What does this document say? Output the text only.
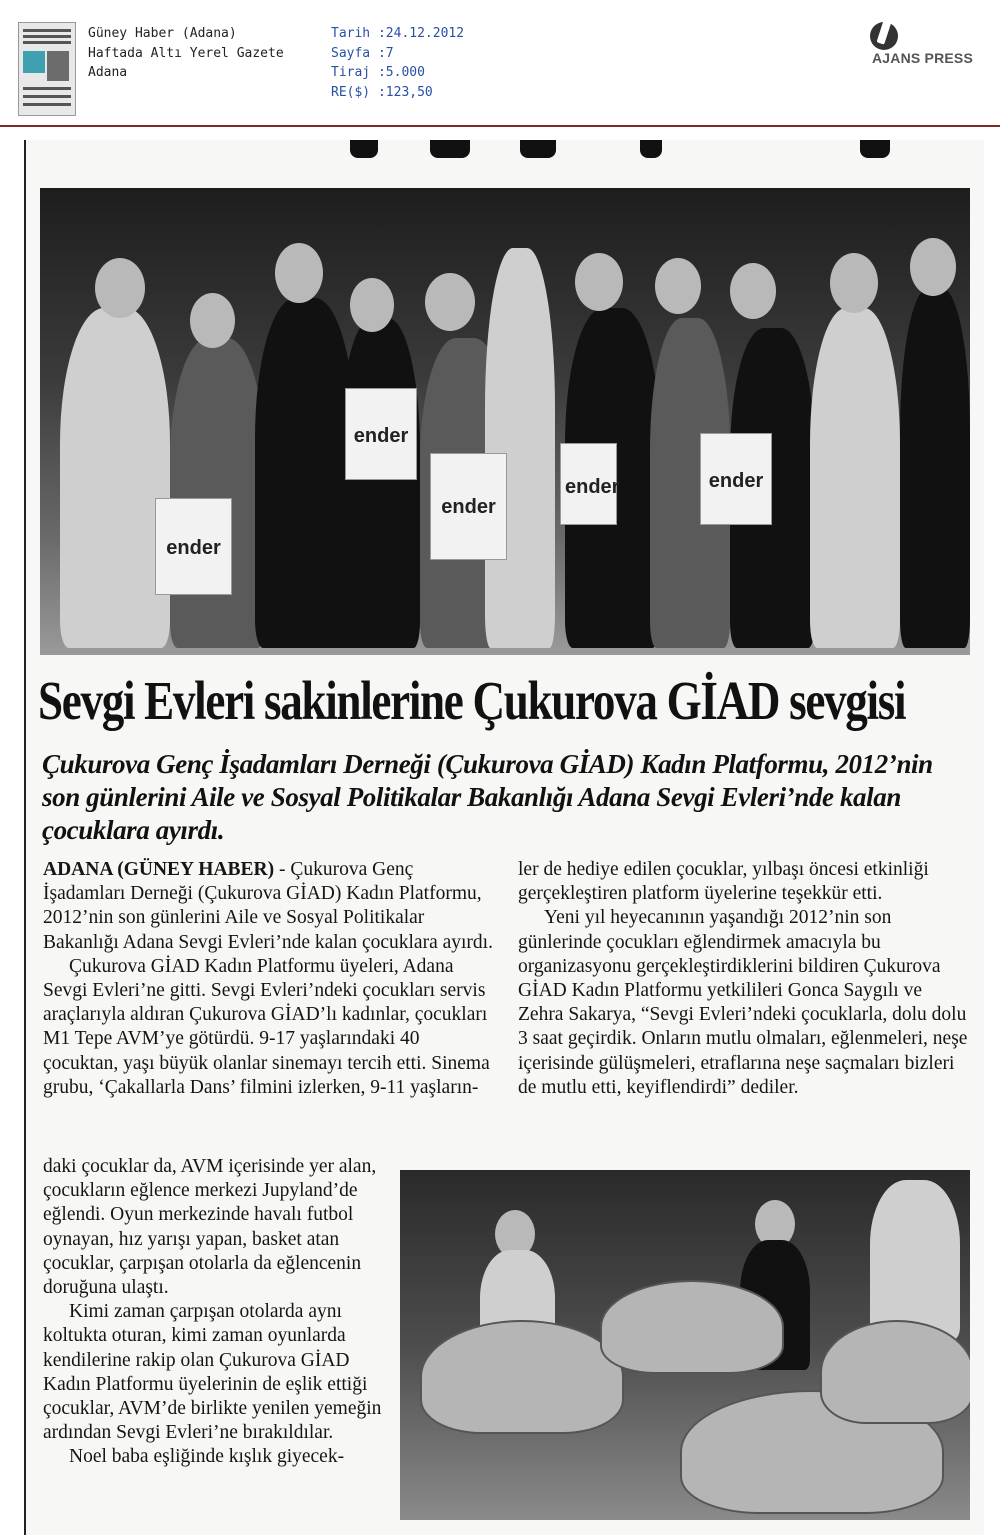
Güney Haber (Adana)
Haftada Altı Yerel Gazete
Adana
Tarih :24.12.2012
Sayfa :7
Tiraj :5.000
RE($) :123,50
AJANS PRESS
ender
ender
ender
ender
ender
Sevgi Evleri sakinlerine Çukurova GİAD sevgisi
Çukurova Genç İşadamları Derneği (Çukurova GİAD) Kadın Platformu, 2012’nin son günlerini Aile ve Sosyal Politikalar Bakanlığı Adana Sevgi Evleri’nde kalan çocuklara ayırdı.

ADANA (GÜNEY HABER) - Çukurova Genç İşadamları Derneği (Çukurova GİAD) Kadın Platformu, 2012’nin son günlerini Aile ve Sosyal Politikalar Bakanlığı Adana Sevgi Evleri’nde kalan çocuklara ayırdı.

Çukurova GİAD Kadın Platformu üyeleri, Adana Sevgi Evleri’ne gitti. Sevgi Evleri’ndeki çocukları servis araçlarıyla aldıran Çukurova GİAD’lı kadınlar, çocukları M1 Tepe AVM’ye götürdü. 9-17 yaşlarındaki 40 çocuktan, yaşı büyük olanlar sinemayı tercih etti. Sinema grubu, ‘Çakallarla Dans’ filmini izlerken, 9-11 yaşların-

daki çocuklar da, AVM içerisinde yer alan, çocukların eğlence merkezi Jupyland’de eğlendi. Oyun merkezinde havalı futbol oynayan, hız yarışı yapan, basket atan çocuklar, çarpışan otolarla da eğlencenin doruğuna ulaştı.

Kimi zaman çarpışan otolarda aynı koltukta oturan, kimi zaman oyunlarda kendilerine rakip olan Çukurova GİAD Kadın Platformu üyelerinin de eşlik ettiği çocuklar, AVM’de birlikte yenilen yemeğin ardından Sevgi Evleri’ne bırakıldılar.

Noel baba eşliğinde kışlık giyecek-

ler de hediye edilen çocuklar, yılbaşı öncesi etkinliği gerçekleştiren platform üyelerine teşekkür etti.

Yeni yıl heyecanının yaşandığı 2012’nin son günlerinde çocukları eğlendirmek amacıyla bu organizasyonu gerçekleştirdiklerini bildiren Çukurova GİAD Kadın Platformu yetkilileri Gonca Saygılı ve Zehra Sakarya, “Sevgi Evleri’ndeki çocuklarla, dolu dolu 3 saat geçirdik. Onların mutlu olmaları, eğlenmeleri, neşe içerisinde gülüşmeleri, etraflarına neşe saçmaları bizleri de mutlu etti, keyiflendirdi” dediler.
